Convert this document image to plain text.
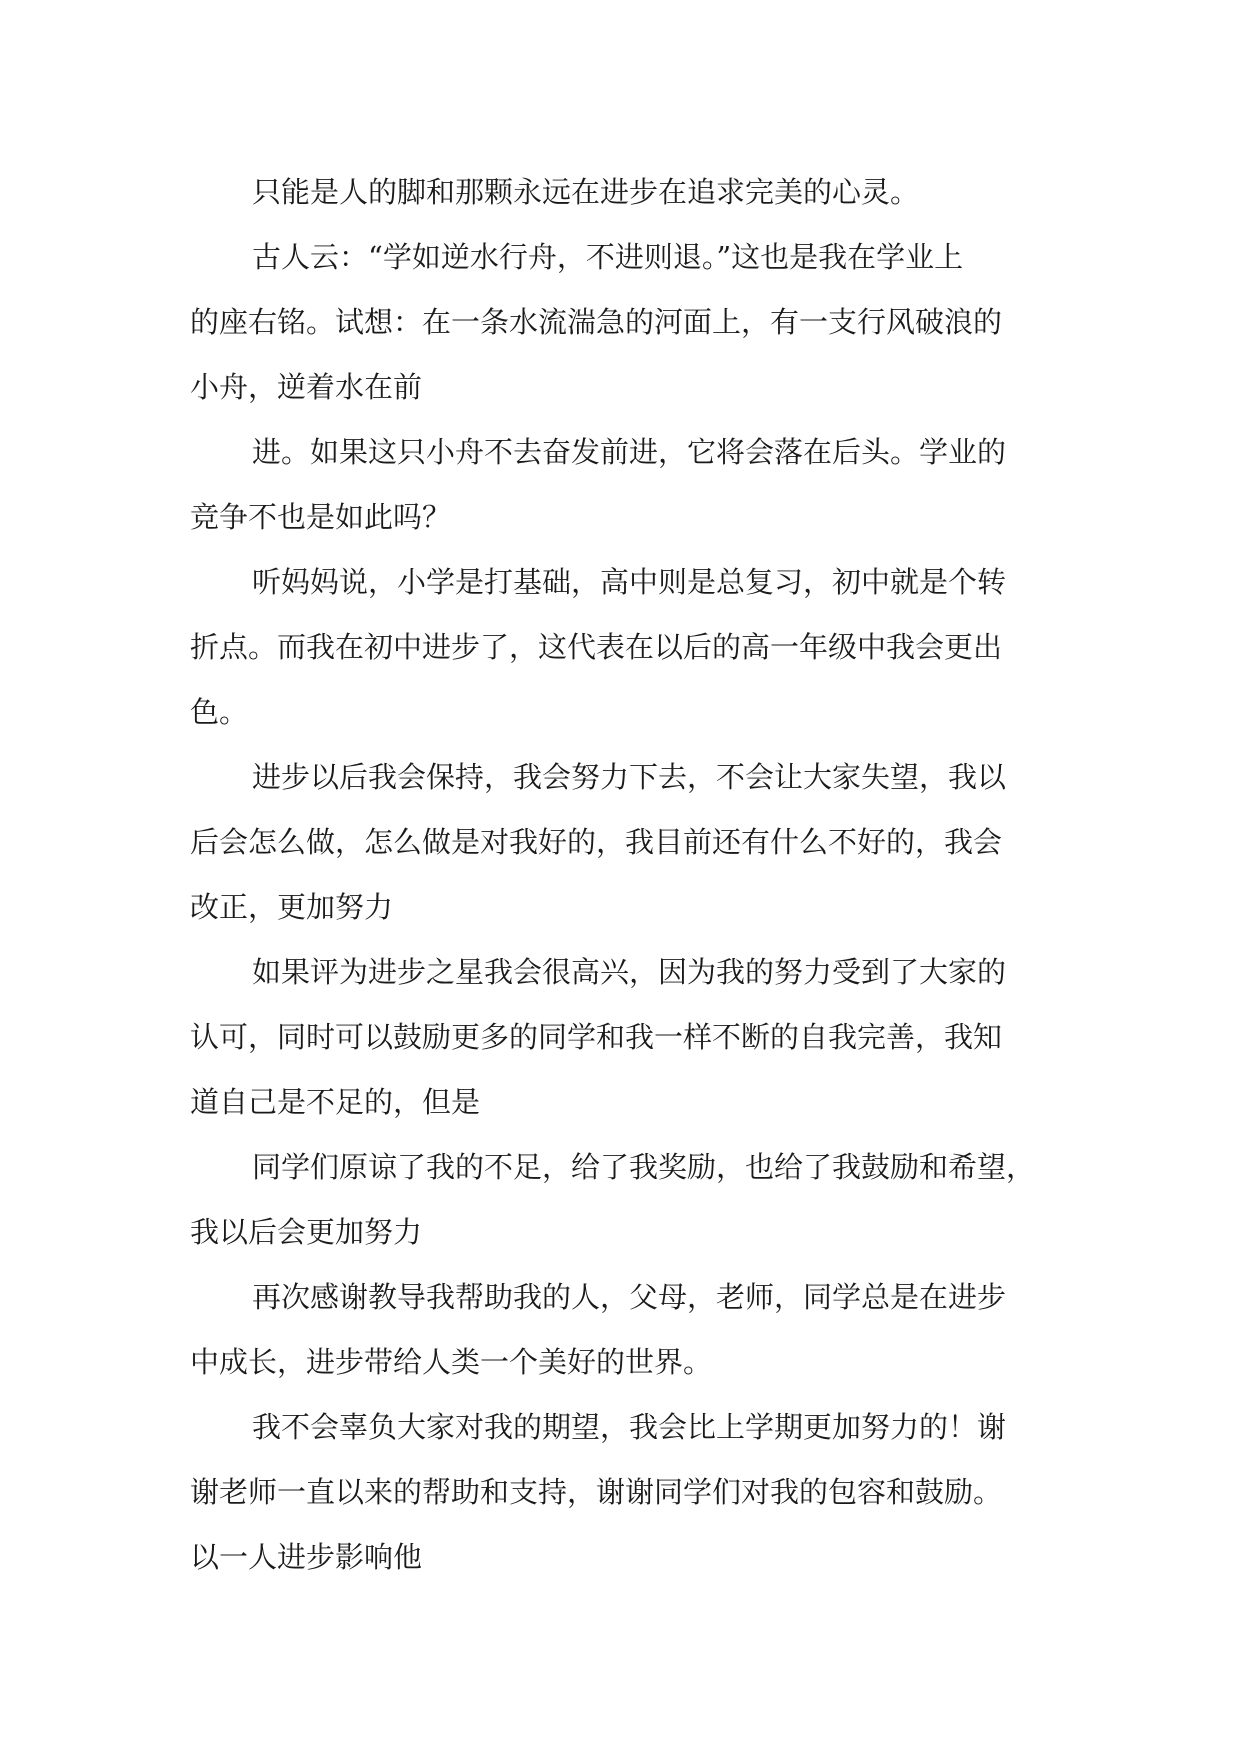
只能是人的脚和那颗永远在进步在追求完美的心灵。
古人云：“学如逆水行舟，不进则退。”这也是我在学业上
的座右铭。试想：在一条水流湍急的河面上，有一支行风破浪的
小舟，逆着水在前
进。如果这只小舟不去奋发前进，它将会落在后头。学业的
竞争不也是如此吗？
听妈妈说，小学是打基础，高中则是总复习，初中就是个转
折点。而我在初中进步了，这代表在以后的高一年级中我会更出
色。
进步以后我会保持，我会努力下去，不会让大家失望，我以
后会怎么做，怎么做是对我好的，我目前还有什么不好的，我会
改正，更加努力
如果评为进步之星我会很高兴，因为我的努力受到了大家的
认可，同时可以鼓励更多的同学和我一样不断的自我完善，我知
道自己是不足的，但是
同学们原谅了我的不足，给了我奖励，也给了我鼓励和希望，
我以后会更加努力
再次感谢教导我帮助我的人，父母，老师，同学总是在进步
中成长，进步带给人类一个美好的世界。
我不会辜负大家对我的期望，我会比上学期更加努力的！谢
谢老师一直以来的帮助和支持，谢谢同学们对我的包容和鼓励。
以一人进步影响他
